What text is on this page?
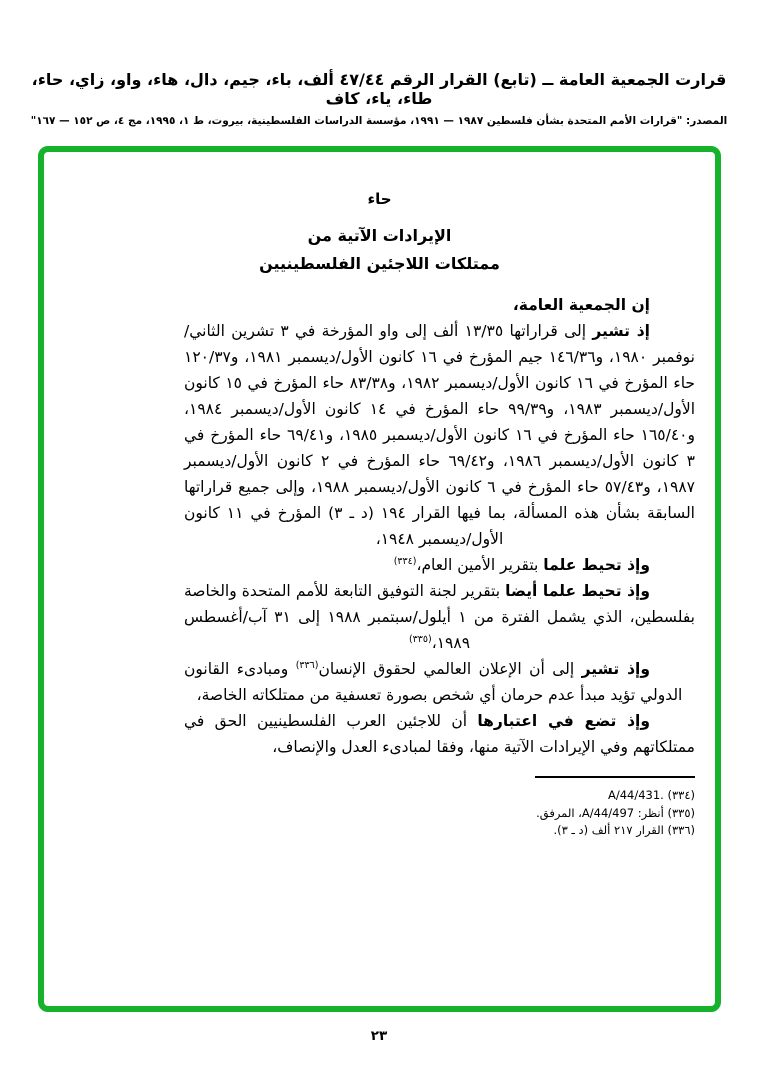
قرارت الجمعية العامة ــ (تابع) القرار الرقم ٤٧/٤٤ ألف، باء، جيم، دال، هاء، واو، زاي، حاء، طاء، ياء، كاف
المصدر: "قرارات الأمم المتحدة بشأن فلسطين ١٩٨٧ — ١٩٩١، مؤسسة الدراسات الفلسطينية، بيروت، ط ١، ١٩٩٥، مج ٤، ص ١٥٢ — ١٦٧"
حاء
الإيرادات الآتية من
ممتلكات اللاجئين الفلسطينيين

إن الجمعية العامة،

إذ تشير إلى قراراتها ١٣/٣٥ ألف إلى واو المؤرخة في ٣ تشرين الثاني/نوفمبر ١٩٨٠، و١٤٦/٣٦ جيم المؤرخ في ١٦ كانون الأول/ديسمبر ١٩٨١، و١٢٠/٣٧ حاء المؤرخ في ١٦ كانون الأول/ديسمبر ١٩٨٢، و٨٣/٣٨ حاء المؤرخ في ١٥ كانون الأول/ديسمبر ١٩٨٣، و٩٩/٣٩ حاء المؤرخ في ١٤ كانون الأول/ديسمبر ١٩٨٤، و١٦٥/٤٠ حاء المؤرخ في ١٦ كانون الأول/ديسمبر ١٩٨٥، و٦٩/٤١ حاء المؤرخ في ٣ كانون الأول/ديسمبر ١٩٨٦، و٦٩/٤٢ حاء المؤرخ في ٢ كانون الأول/ديسمبر ١٩٨٧، و٥٧/٤٣ حاء المؤرخ في ٦ كانون الأول/ديسمبر ١٩٨٨، وإلى جميع قراراتها السابقة بشأن هذه المسألة، بما فيها القرار ١٩٤ (د ـ ٣) المؤرخ في ١١ كانون الأول/ديسمبر ١٩٤٨،

وإذ تحيط علما بتقرير الأمين العام،$^{(٣٣٤)}$

وإذ تحيط علما أيضا بتقرير لجنة التوفيق التابعة للأمم المتحدة والخاصة بفلسطين، الذي يشمل الفترة من ١ أيلول/سبتمبر ١٩٨٨ إلى ٣١ آب/أغسطس ١٩٨٩،$^{(٣٣٥)}$

وإذ تشير إلى أن الإعلان العالمي لحقوق الإنسان$^{(٣٣٦)}$ ومبادىء القانون الدولي تؤيد مبدأ عدم حرمان أي شخص بصورة تعسفية من ممتلكاته الخاصة،

وإذ تضع في اعتبارها أن للاجئين العرب الفلسطينيين الحق في ممتلكاتهم وفي الإيرادات الآتية منها، وفقا لمبادىء العدل والإنصاف،

(٣٣٤) A/44/431.
(٣٣٥) أنظر: A/44/497، المرفق.
(٣٣٦) القرار ٢١٧ ألف (د ـ ٣).
٢٣
